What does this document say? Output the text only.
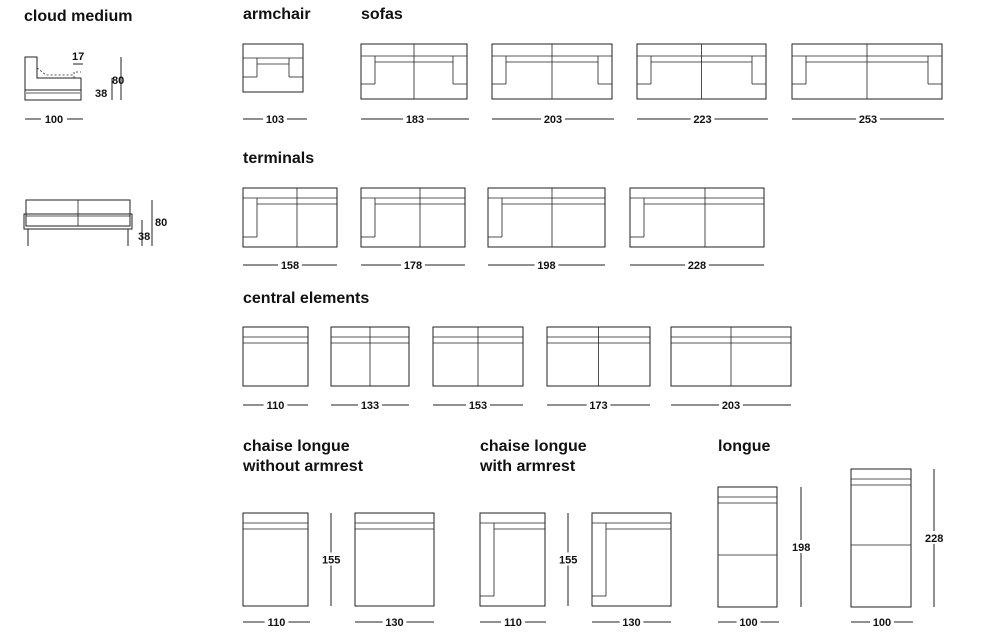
cloud medium	armchair	sofas
terminals
central elements
chaise longue
without armrest
chaise longue
with armrest
longue
17
38
80
100
38
80
103	183	203	223	253
158	178	198	228
110	133	153	173	203
110	130
155
110	130
155
100	100
198
228
